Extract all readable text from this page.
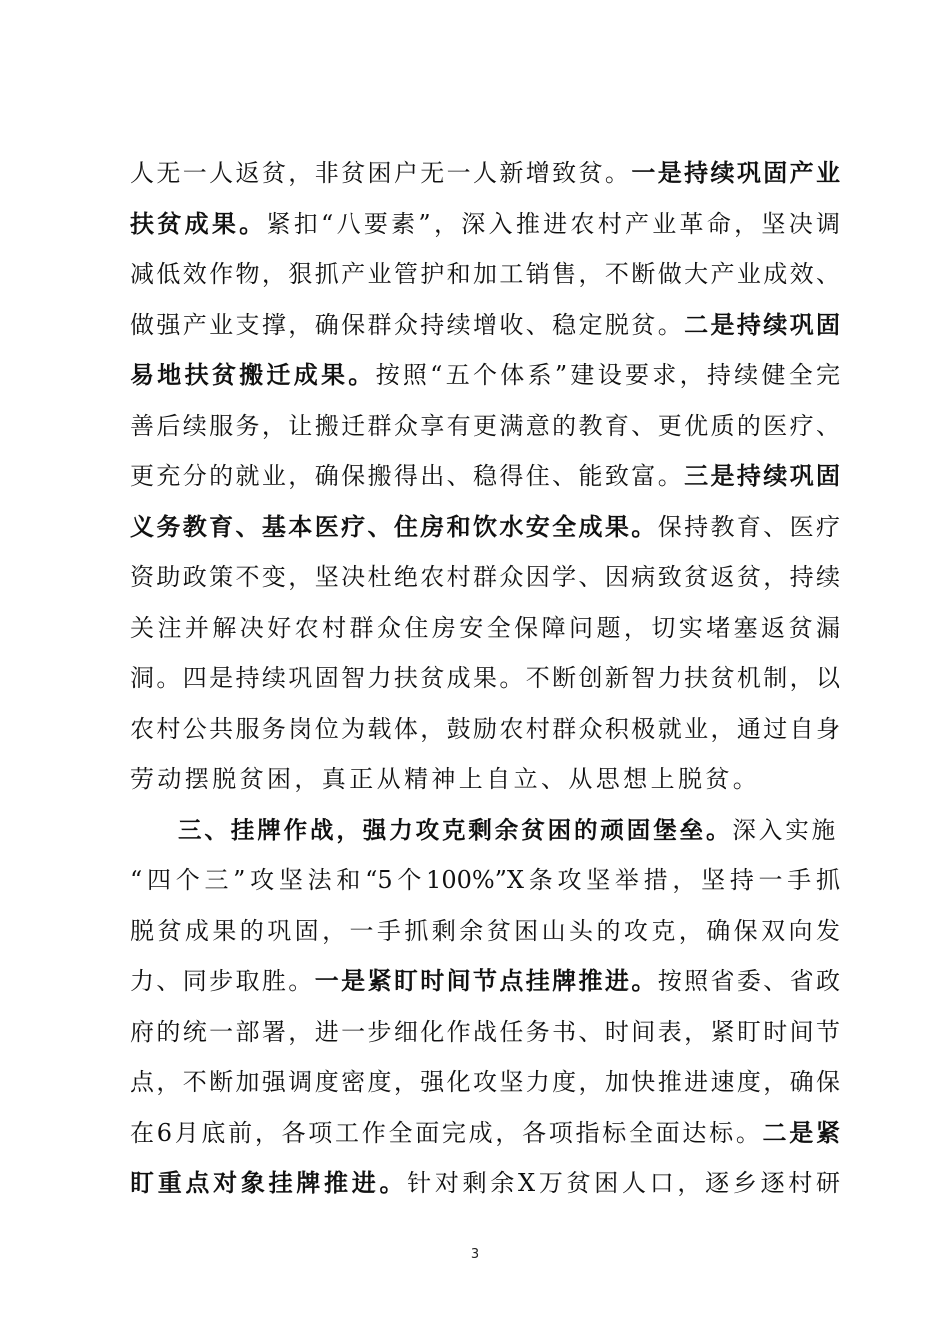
人无一人返贫，非贫困户无一人新增致贫。一是持续巩固产业
扶贫成果。紧扣“八要素”，深入推进农村产业革命，坚决调
减低效作物，狠抓产业管护和加工销售，不断做大产业成效、
做强产业支撑，确保群众持续增收、稳定脱贫。二是持续巩固
易地扶贫搬迁成果。按照“五个体系”建设要求，持续健全完
善后续服务，让搬迁群众享有更满意的教育、更优质的医疗、
更充分的就业，确保搬得出、稳得住、能致富。三是持续巩固
义务教育、基本医疗、住房和饮水安全成果。保持教育、医疗
资助政策不变，坚决杜绝农村群众因学、因病致贫返贫，持续
关注并解决好农村群众住房安全保障问题，切实堵塞返贫漏
洞。四是持续巩固智力扶贫成果。不断创新智力扶贫机制，以
农村公共服务岗位为载体，鼓励农村群众积极就业，通过自身
劳动摆脱贫困，真正从精神上自立、从思想上脱贫。
三、挂牌作战，强力攻克剩余贫困的顽固堡垒。深入实施
“四个三”攻坚法和“5个100%”X条攻坚举措，坚持一手抓
脱贫成果的巩固，一手抓剩余贫困山头的攻克，确保双向发
力、同步取胜。一是紧盯时间节点挂牌推进。按照省委、省政
府的统一部署，进一步细化作战任务书、时间表，紧盯时间节
点，不断加强调度密度，强化攻坚力度，加快推进速度，确保
在6月底前，各项工作全面完成，各项指标全面达标。二是紧
盯重点对象挂牌推进。针对剩余X万贫困人口，逐乡逐村研
3
